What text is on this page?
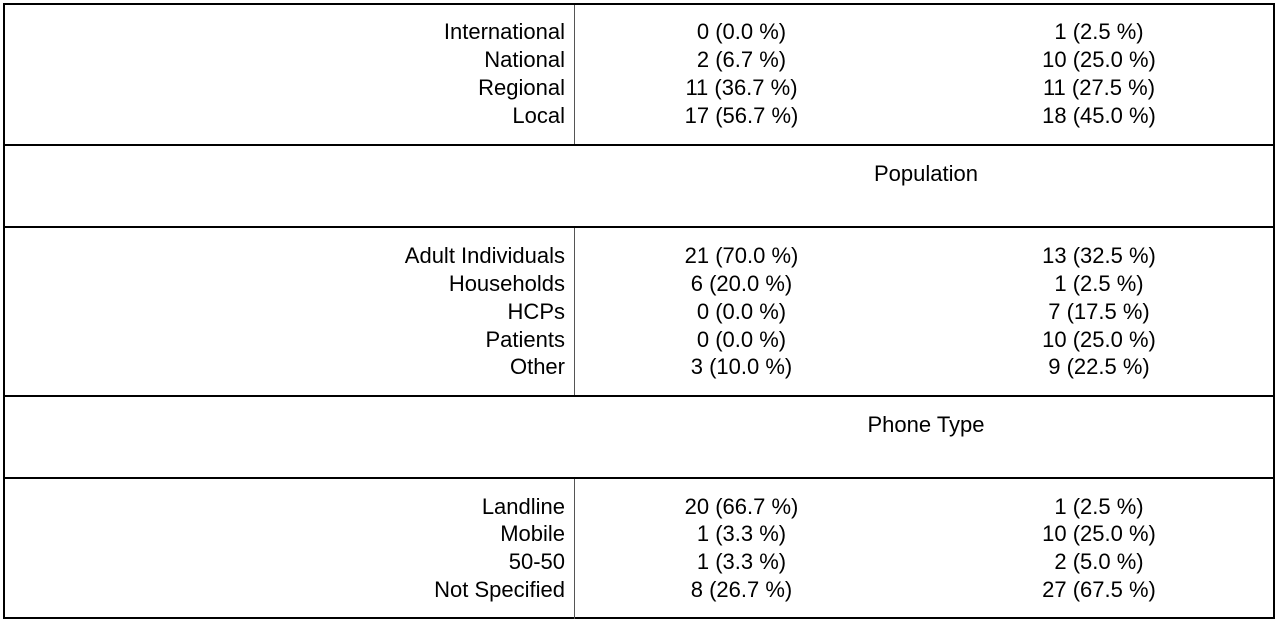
International	0 (0.0 %)	1 (2.5 %)
National	2 (6.7 %)	10 (25.0 %)
Regional	11 (36.7 %)	11 (27.5 %)
Local	17 (56.7 %)	18 (45.0 %)
Population
Adult Individuals	21 (70.0 %)	13 (32.5 %)
Households	6 (20.0 %)	1 (2.5 %)
HCPs	0 (0.0 %)	7 (17.5 %)
Patients	0 (0.0 %)	10 (25.0 %)
Other	3 (10.0 %)	9 (22.5 %)
Phone Type
Landline	20 (66.7 %)	1 (2.5 %)
Mobile	1 (3.3 %)	10 (25.0 %)
50-50	1 (3.3 %)	2 (5.0 %)
Not Specified	8 (26.7 %)	27 (67.5 %)
